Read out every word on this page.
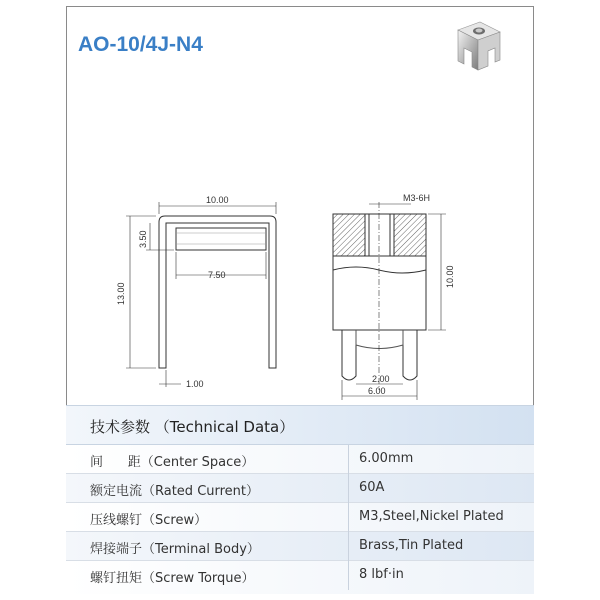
AO-10/4J-N4
10.00
13.00
3.50
7.50
1.00
M3-6H
10.00
2.00
6.00
技术参数 （Technical Data）
间      距（Center Space）	6.00mm
额定电流（Rated Current）	60A
压线螺钉（Screw）	M3,Steel,Nickel Plated
焊接端子（Terminal Body）	Brass,Tin Plated
螺钉扭矩（Screw Torque）	8 lbf·in
